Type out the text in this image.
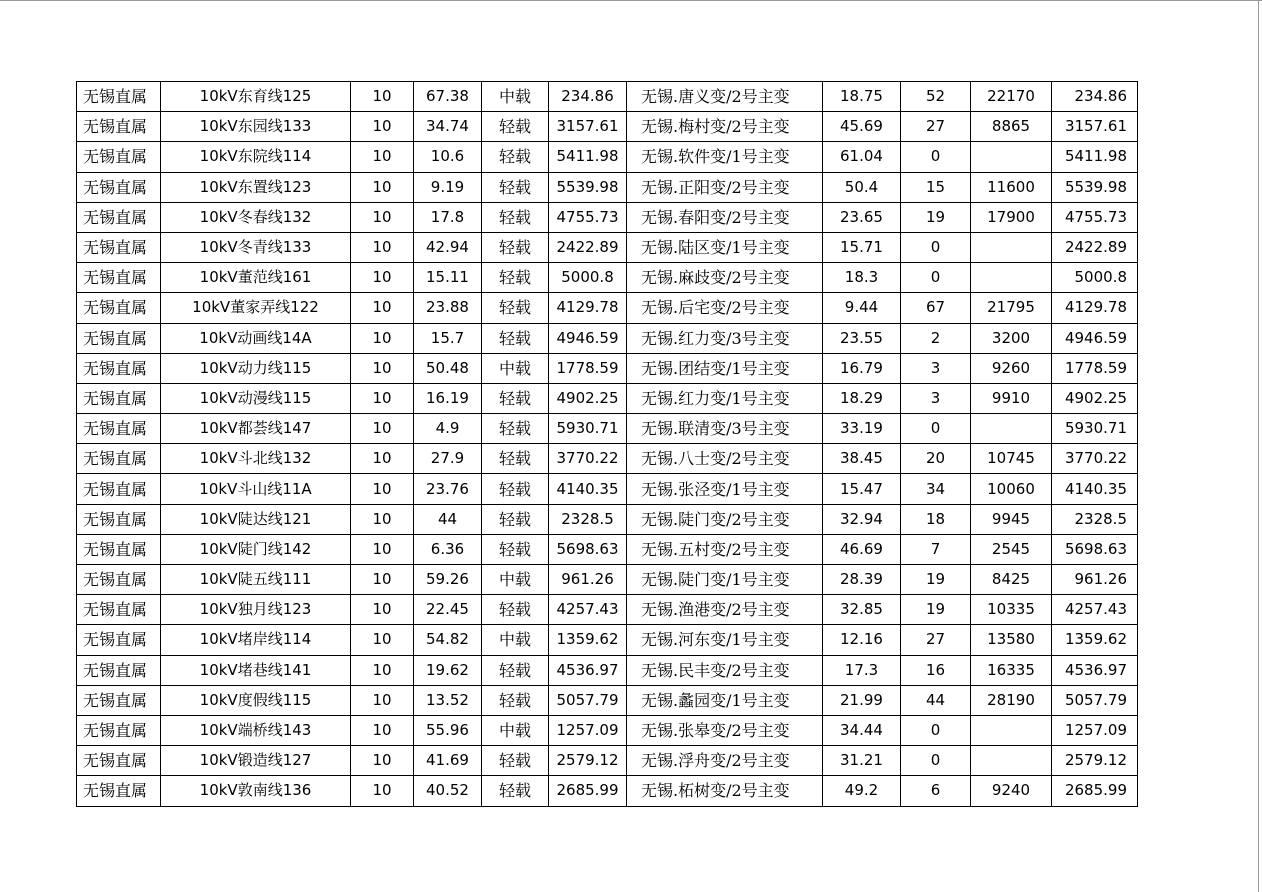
无锡直属	10kV东育线125	10	67.38	中载	234.86	无锡.唐义变/2号主变	18.75	52	22170	234.86
无锡直属	10kV东园线133	10	34.74	轻载	3157.61	无锡.梅村变/2号主变	45.69	27	8865	3157.61
无锡直属	10kV东院线114	10	10.6	轻载	5411.98	无锡.软件变/1号主变	61.04	0		5411.98
无锡直属	10kV东置线123	10	9.19	轻载	5539.98	无锡.正阳变/2号主变	50.4	15	11600	5539.98
无锡直属	10kV冬春线132	10	17.8	轻载	4755.73	无锡.春阳变/2号主变	23.65	19	17900	4755.73
无锡直属	10kV冬青线133	10	42.94	轻载	2422.89	无锡.陆区变/1号主变	15.71	0		2422.89
无锡直属	10kV董范线161	10	15.11	轻载	5000.8	无锡.麻歧变/2号主变	18.3	0		5000.8
无锡直属	10kV董家弄线122	10	23.88	轻载	4129.78	无锡.后宅变/2号主变	9.44	67	21795	4129.78
无锡直属	10kV动画线14A	10	15.7	轻载	4946.59	无锡.红力变/3号主变	23.55	2	3200	4946.59
无锡直属	10kV动力线115	10	50.48	中载	1778.59	无锡.团结变/1号主变	16.79	3	9260	1778.59
无锡直属	10kV动漫线115	10	16.19	轻载	4902.25	无锡.红力变/1号主变	18.29	3	9910	4902.25
无锡直属	10kV都荟线147	10	4.9	轻载	5930.71	无锡.联清变/3号主变	33.19	0		5930.71
无锡直属	10kV斗北线132	10	27.9	轻载	3770.22	无锡.八士变/2号主变	38.45	20	10745	3770.22
无锡直属	10kV斗山线11A	10	23.76	轻载	4140.35	无锡.张泾变/1号主变	15.47	34	10060	4140.35
无锡直属	10kV陡达线121	10	44	轻载	2328.5	无锡.陡门变/2号主变	32.94	18	9945	2328.5
无锡直属	10kV陡门线142	10	6.36	轻载	5698.63	无锡.五村变/2号主变	46.69	7	2545	5698.63
无锡直属	10kV陡五线111	10	59.26	中载	961.26	无锡.陡门变/1号主变	28.39	19	8425	961.26
无锡直属	10kV独月线123	10	22.45	轻载	4257.43	无锡.渔港变/2号主变	32.85	19	10335	4257.43
无锡直属	10kV堵岸线114	10	54.82	中载	1359.62	无锡.河东变/1号主变	12.16	27	13580	1359.62
无锡直属	10kV堵巷线141	10	19.62	轻载	4536.97	无锡.民丰变/2号主变	17.3	16	16335	4536.97
无锡直属	10kV度假线115	10	13.52	轻载	5057.79	无锡.蠡园变/1号主变	21.99	44	28190	5057.79
无锡直属	10kV端桥线143	10	55.96	中载	1257.09	无锡.张皋变/2号主变	34.44	0		1257.09
无锡直属	10kV锻造线127	10	41.69	轻载	2579.12	无锡.浮舟变/2号主变	31.21	0		2579.12
无锡直属	10kV敦南线136	10	40.52	轻载	2685.99	无锡.柘树变/2号主变	49.2	6	9240	2685.99
